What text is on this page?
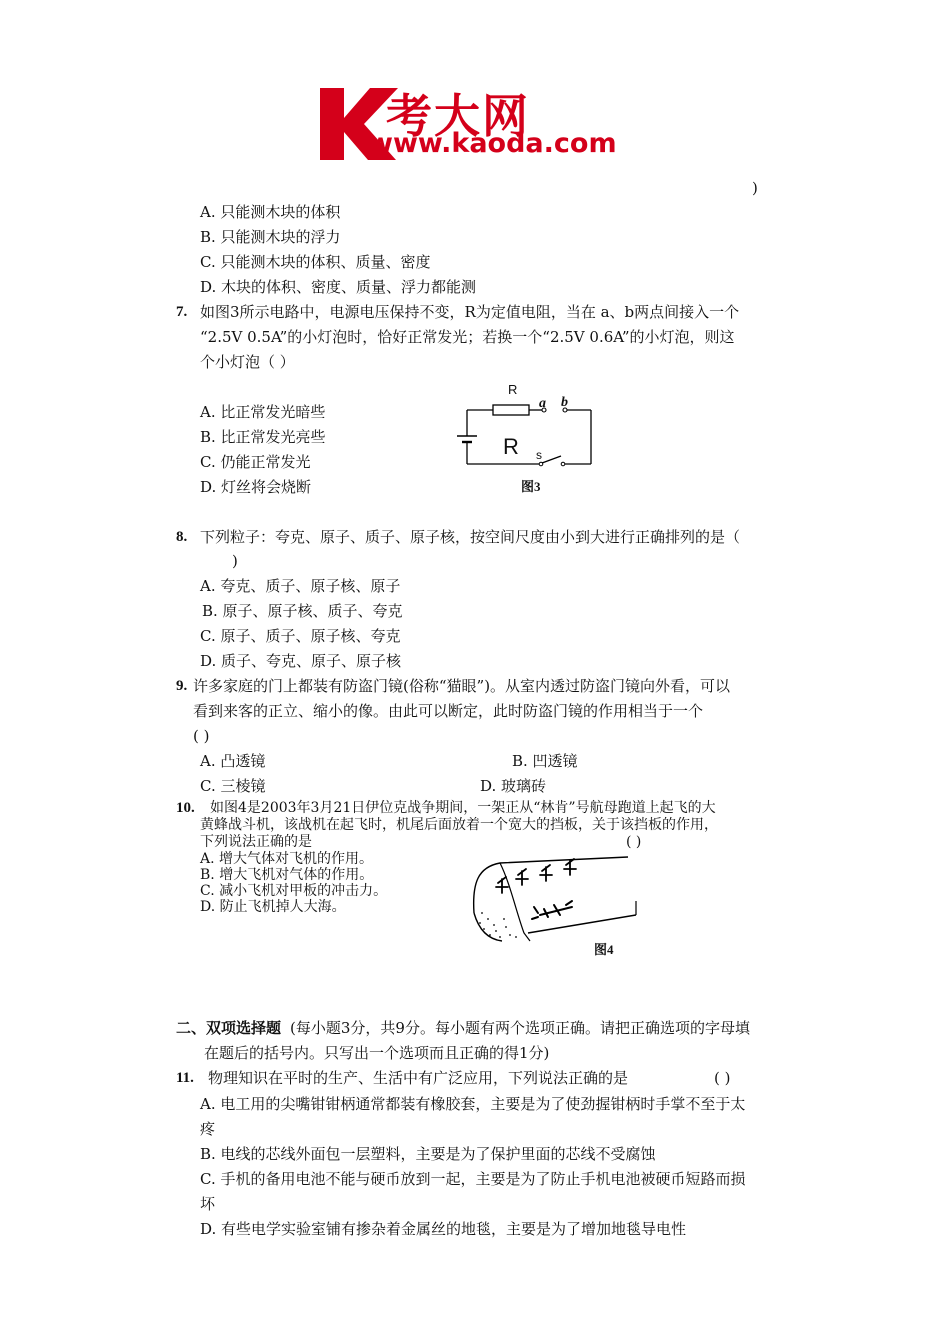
考大网
www.kaoda.com
)
A. 只能测木块的体积
B. 只能测木块的浮力
C. 只能测木块的体积、质量、密度
D. 木块的体积、密度、质量、浮力都能测
7. 如图3所示电路中，电源电压保持不变，R为定值电阻，当在 a、b两点间接入一个
“2.5V 0.5A”的小灯泡时，恰好正常发光；若换一个“2.5V 0.6A”的小灯泡，则这
个小灯泡（ ）
A. 比正常发光暗些
B. 比正常发光亮些
C. 仍能正常发光
D. 灯丝将会烧断
R
a b
R s
图3
8. 下列粒子：夸克、原子、质子、原子核，按空间尺度由小到大进行正确排列的是（
)
A. 夸克、质子、原子核、原子
B. 原子、原子核、质子、夸克
C. 原子、质子、原子核、夸克
D. 质子、夸克、原子、原子核
9. 许多家庭的门上都装有防盗门镜(俗称“猫眼”)。从室内透过防盗门镜向外看，可以
看到来客的正立、缩小的像。由此可以断定，此时防盗门镜的作用相当于一个
( )
A. 凸透镜	B. 凹透镜
C. 三棱镜	D. 玻璃砖
10. 如图4是2003年3月21日伊位克战争期间，一架正从“林肯”号航母跑道上起飞的大
黄蜂战斗机，该战机在起飞时，机尾后面放着一个宽大的挡板，关于该挡板的作用，
下列说法正确的是	( )
A. 增大气体对飞机的作用。
B. 增大飞机对气体的作用。
C. 减小飞机对甲板的冲击力。
D. 防止飞机掉人大海。
图4
二、双项选择题 (每小题3分，共9分。每小题有两个选项正确。请把正确选项的字母填
在题后的括号内。只写出一个选项而且正确的得1分)
11. 物理知识在平时的生产、生活中有广泛应用，下列说法正确的是	( )
A. 电工用的尖嘴钳钳柄通常都装有橡胶套，主要是为了使劲握钳柄时手掌不至于太
疼
B. 电线的芯线外面包一层塑料，主要是为了保护里面的芯线不受腐蚀
C. 手机的备用电池不能与硬币放到一起，主要是为了防止手机电池被硬币短路而损
坏
D. 有些电学实验室铺有掺杂着金属丝的地毯，主要是为了增加地毯导电性
